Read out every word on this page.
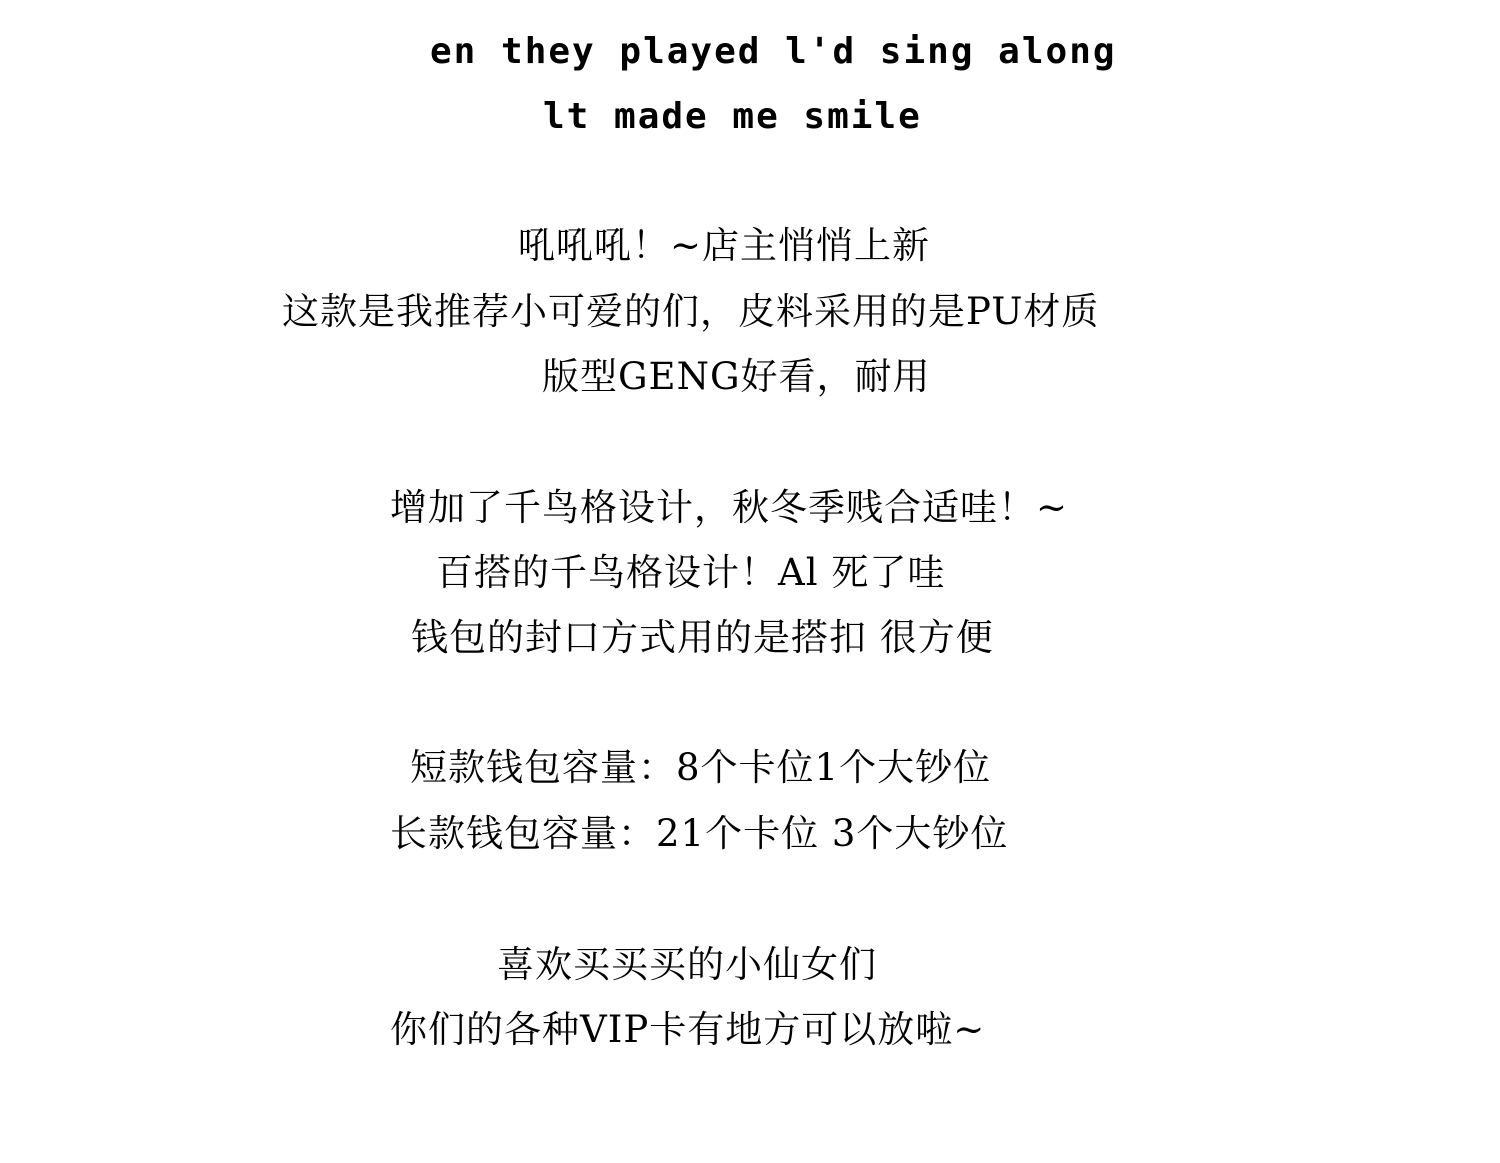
en they played l'd sing along
lt made me smile
吼吼吼！~店主悄悄上新
这款是我推荐小可爱的们，皮料采用的是PU材质
版型GENG好看，耐用
增加了千鸟格设计，秋冬季贱合适哇！~
百搭的千鸟格设计！Al 死了哇
钱包的封口方式用的是搭扣 很方便
短款钱包容量：8个卡位1个大钞位
长款钱包容量：21个卡位 3个大钞位
喜欢买买买的小仙女们
你们的各种VIP卡有地方可以放啦~
